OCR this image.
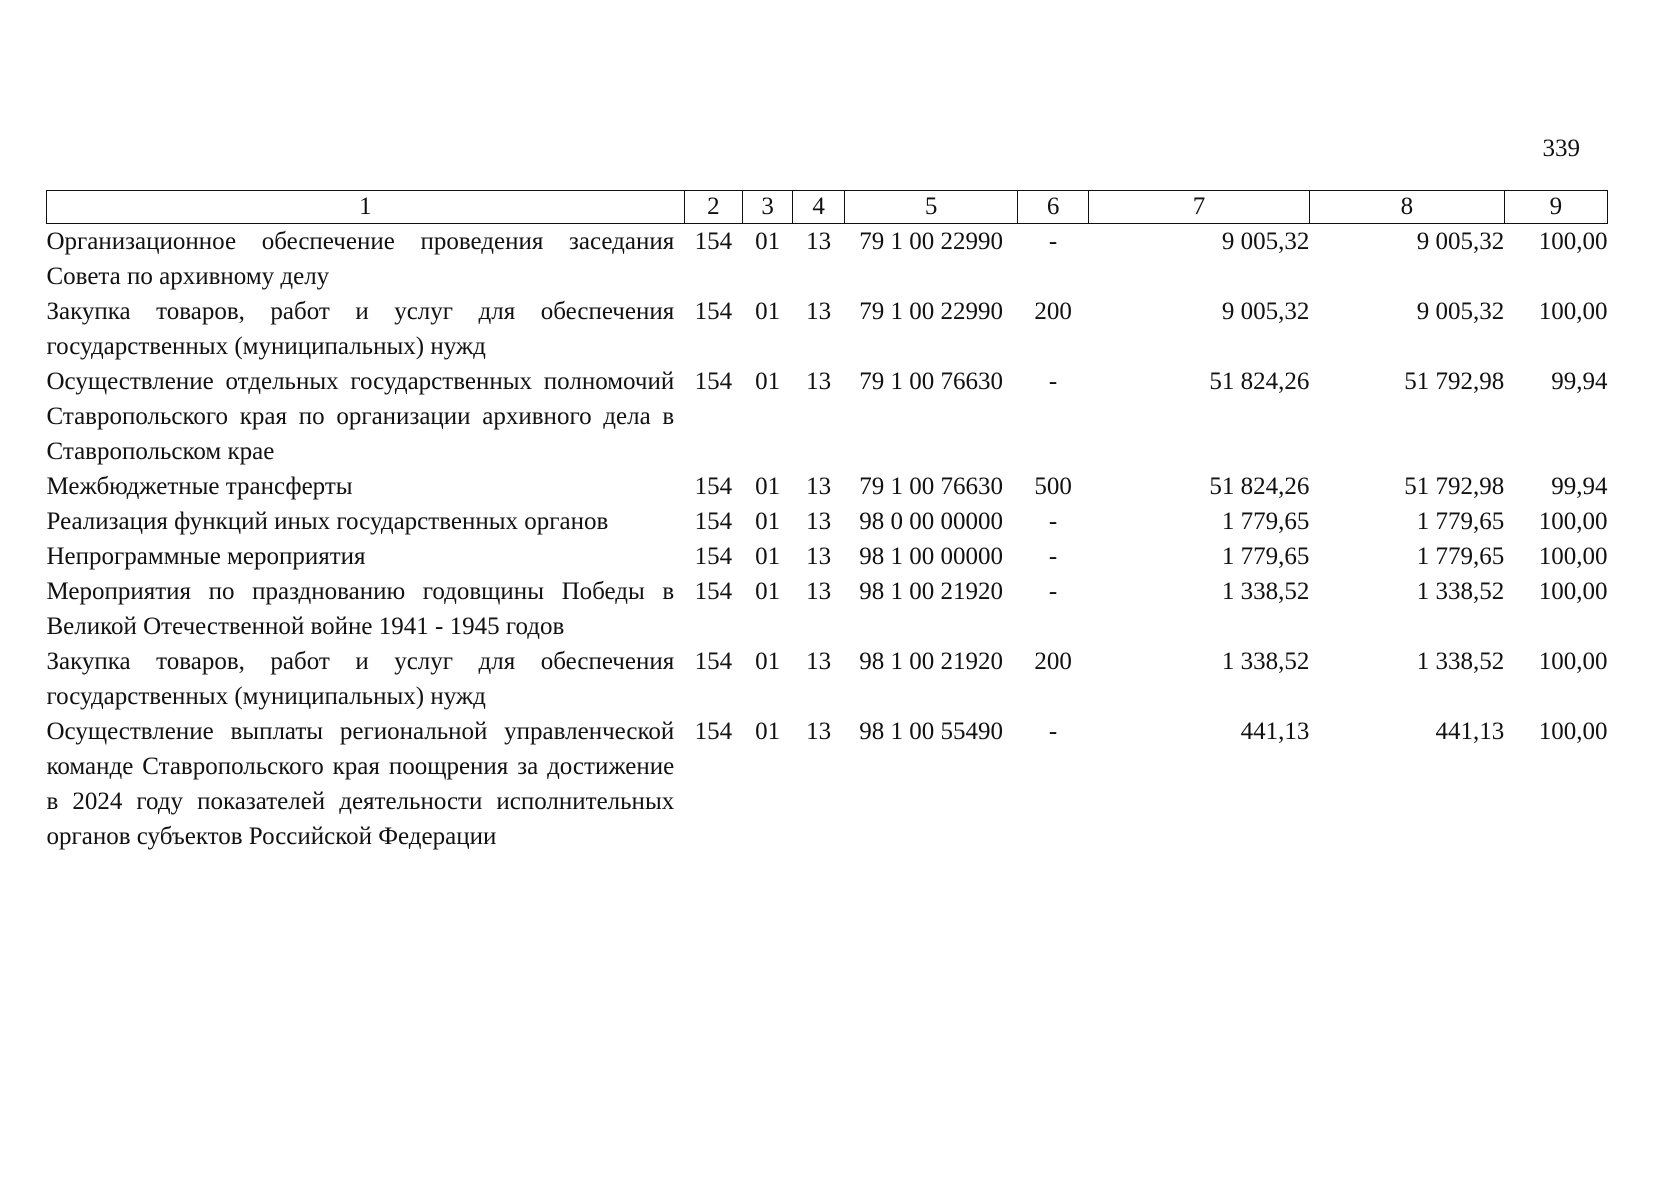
339
1	2	3	4	5	6	7	8	9
Организационное обеспечение проведения заседания Совета по архивному делу	154	01	13	79 1 00 22990	-	9 005,32	9 005,32	100,00
Закупка товаров, работ и услуг для обеспечения государственных (муниципальных) нужд	154	01	13	79 1 00 22990	200	9 005,32	9 005,32	100,00
Осуществление отдельных государственных полномочий Ставропольского края по организации архивного дела в Ставропольском крае	154	01	13	79 1 00 76630	-	51 824,26	51 792,98	99,94
Межбюджетные трансферты	154	01	13	79 1 00 76630	500	51 824,26	51 792,98	99,94
Реализация функций иных государственных органов	154	01	13	98 0 00 00000	-	1 779,65	1 779,65	100,00
Непрограммные мероприятия	154	01	13	98 1 00 00000	-	1 779,65	1 779,65	100,00
Мероприятия по празднованию годовщины Победы в Великой Отечественной войне 1941 - 1945 годов	154	01	13	98 1 00 21920	-	1 338,52	1 338,52	100,00
Закупка товаров, работ и услуг для обеспечения государственных (муниципальных) нужд	154	01	13	98 1 00 21920	200	1 338,52	1 338,52	100,00
Осуществление выплаты региональной управленческой команде Ставропольского края поощрения за достижение в 2024 году показателей деятельности исполнительных органов субъектов Российской Федерации	154	01	13	98 1 00 55490	-	441,13	441,13	100,00
